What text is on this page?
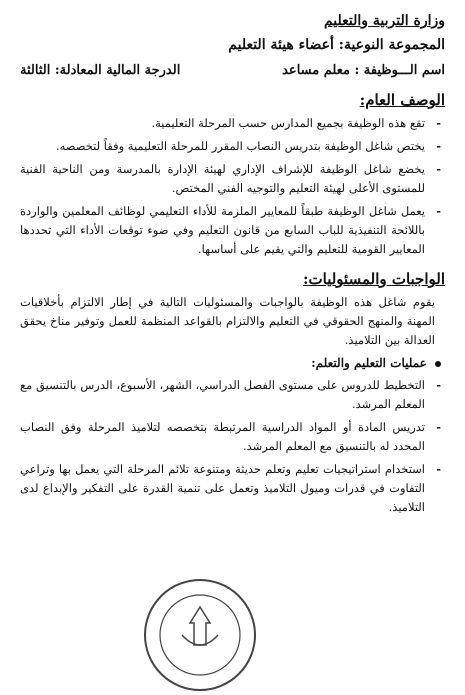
وزارة التربية والتعليم
المجموعة النوعية: أعضاء هيئة التعليم
اسم الـــوظيفة : معلم مساعد
الدرجة المالية المعادلة: الثالثة
الوصف العام:
- تقع هذه الوظيفة بجميع المدارس حسب المرحلة التعليمية.
- يختص شاغل الوظيفة بتدريس النصاب المقرر للمرحلة التعليمية وفقاً لتخصصه.
- يخضع شاغل الوظيفة للإشراف الإداري لهيئة الإدارة بالمدرسة ومن الناحية الفنية للمستوى الأعلى لهيئة التعليم والتوجيه الفني المختص.
- يعمل شاغل الوظيفة طبقاً للمعايير الملزمة للأداء التعليمي لوظائف المعلمين والواردة باللائحة التنفيذية للباب السابع من قانون التعليم وفي ضوء توقعات الأداء التي تحددها المعايير القومية للتعليم والتي يقيم على أساسها.
الواجبات والمسئوليات:
يقوم شاغل هذه الوظيفة بالواجبات والمسئوليات التالية في إطار الالتزام بأخلاقيات المهنة والمنهج الحقوقي في التعليم والالتزام بالقواعد المنظمة للعمل وتوفير مناخ يحقق العدالة بين التلاميذ.
عمليات التعليم والتعلم:
- التخطيط للدروس على مستوى الفصل الدراسي، الشهر، الأسبوع، الدرس بالتنسيق مع المعلم المرشد.
- تدريس المادة أو المواد الدراسية المرتبطة بتخصصه لتلاميذ المرحلة وفق النصاب المحدد له بالتنسيق مع المعلم المرشد.
- استخدام استراتيجيات تعليم وتعلم حديثة ومتنوعة تلائم المرحلة التي يعمل بها وتراعي التفاوت في قدرات وميول التلاميذ وتعمل على تنمية القدرة على التفكير والإبداع لدى التلاميذ.
